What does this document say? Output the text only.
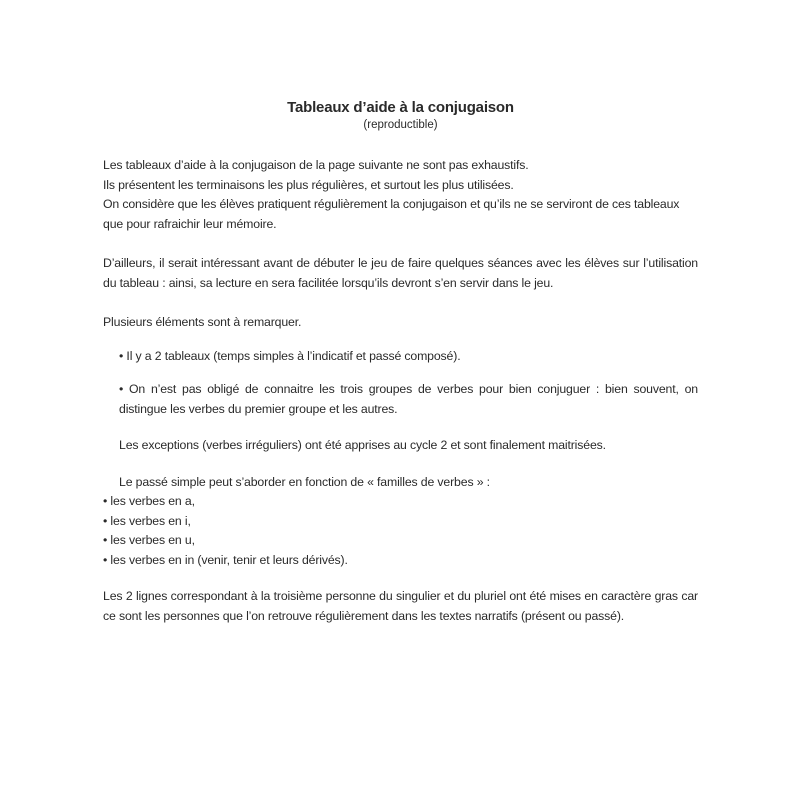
Tableaux d’aide à la conjugaison

(reproductible)

Les tableaux d’aide à la conjugaison de la page suivante ne sont pas exhaustifs.
Ils présentent les terminaisons les plus régulières, et surtout les plus utilisées.
On considère que les élèves pratiquent régulièrement la conjugaison et qu’ils ne se serviront de ces tableaux que pour rafraichir leur mémoire.

D’ailleurs, il serait intéressant avant de débuter le jeu de faire quelques séances avec les élèves sur l’utilisation du tableau : ainsi, sa lecture en sera facilitée lorsqu’ils devront s’en servir dans le jeu.

Plusieurs éléments sont à remarquer.

• Il y a 2 tableaux (temps simples à l’indicatif et passé composé).

• On n’est pas obligé de connaitre les trois groupes de verbes pour bien conjuguer : bien souvent, on distingue les verbes du premier groupe et les autres.

Les exceptions (verbes irréguliers) ont été apprises au cycle 2 et sont finalement maitrisées.

Le passé simple peut s’aborder en fonction de « familles de verbes » :

• les verbes en a,
• les verbes en i,
• les verbes en u,
• les verbes en in (venir, tenir et leurs dérivés).

Les 2 lignes correspondant à la troisième personne du singulier et du pluriel ont été mises en caractère gras car ce sont les personnes que l’on retrouve régulièrement dans les textes narratifs (présent ou passé).
